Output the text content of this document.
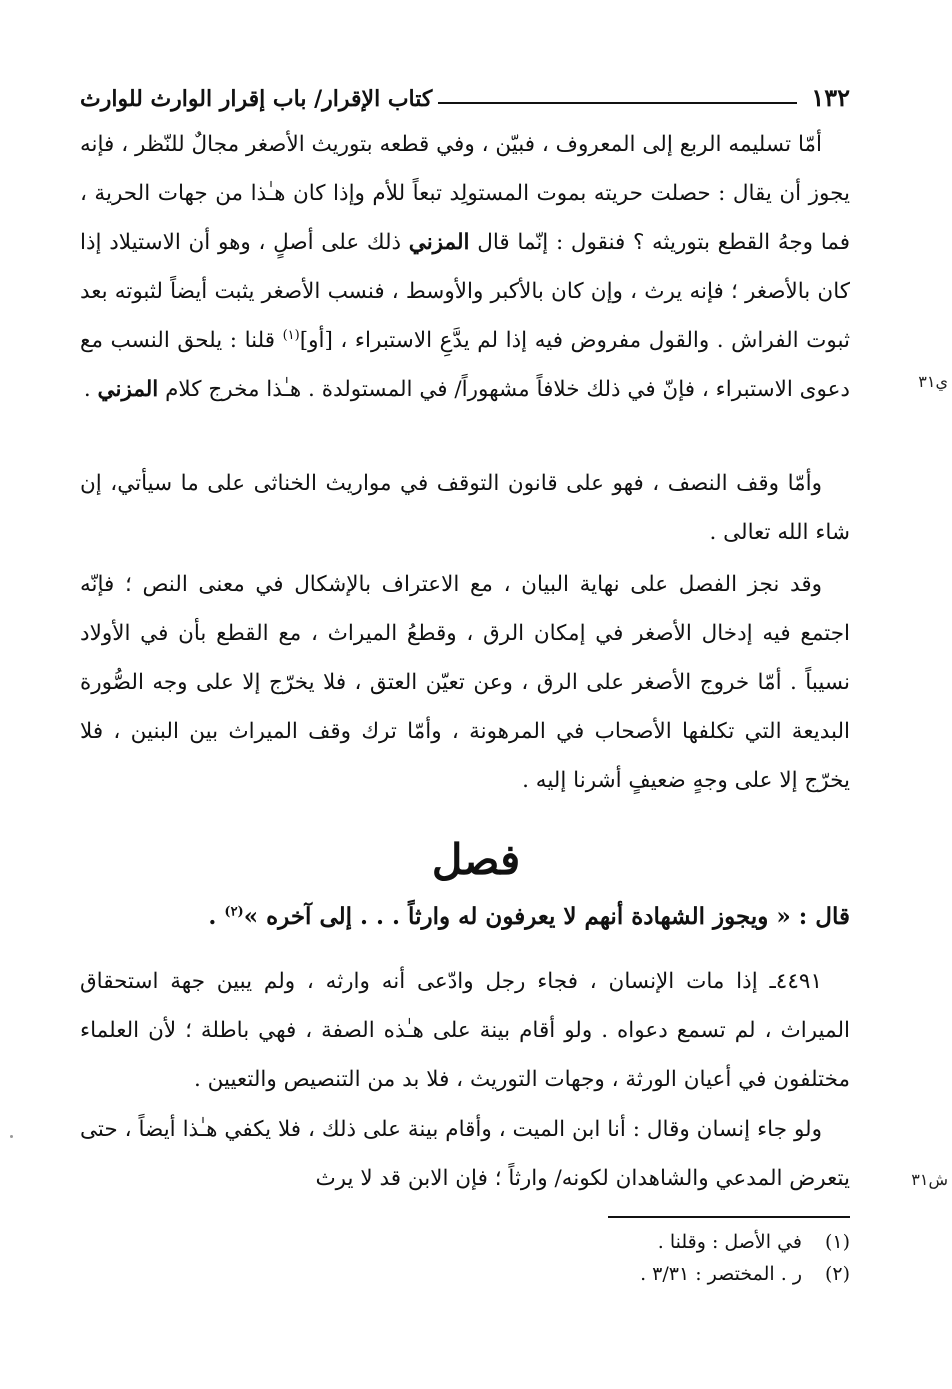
١٣٢
كتاب الإقرار/ باب إقرار الوارث للوارث

أمّا تسليمه الربع إلى المعروف ، فبيّن ، وفي قطعه بتوريث الأصغر مجالٌ للنّظر ، فإنه يجوز أن يقال : حصلت حريته بموت المستولِد تبعاً للأم وإذا كان هـٰذا من جهات الحرية ، فما وجهُ القطع بتوريثه ؟ فنقول : إنّما قال المزني ذلك على أصلٍ ، وهو أن الاستيلاد إذا كان بالأصغر ؛ فإنه يرث ، وإن كان بالأكبر والأوسط ، فنسب الأصغر يثبت أيضاً لثبوته بعد ثبوت الفراش . والقول مفروض فيه إذا لم يدَّعِ الاستبراء ، [أو]$^{(١)}$ قلنا : يلحق النسب مع دعوى الاستبراء ، فإنّ في ذلك خلافاً مشهوراً/ في المستولدة . هـٰذا مخرج كلام المزني .	ي٣١

وأمّا وقف النصف ، فهو على قانون التوقف في مواريث الخناثى على ما سيأتي، إن شاء الله تعالى .

وقد نجز الفصل على نهاية البيان ، مع الاعتراف بالإشكال في معنى النص ؛ فإنّه اجتمع فيه إدخال الأصغر في إمكان الرق ، وقطعُ الميراث ، مع القطع بأن في الأولاد نسيباً . أمّا خروج الأصغر على الرق ، وعن تعيّن العتق ، فلا يخرّج إلا على وجه الصُّورة البديعة التي تكلفها الأصحاب في المرهونة ، وأمّا ترك وقف الميراث بين البنين ، فلا يخرّج إلا على وجهٍ ضعيفٍ أشرنا إليه .

فصل
قال : « ويجوز الشهادة أنهم لا يعرفون له وارثاً . . . إلى آخره »$^{(٢)}$ .

٤٤٩١ـ إذا مات الإنسان ، فجاء رجل وادّعى أنه وارثه ، ولم يبين جهة استحقاق الميراث ، لم تسمع دعواه . ولو أقام بينة على هـٰذه الصفة ، فهي باطلة ؛ لأن العلماء مختلفون في أعيان الورثة ، وجهات التوريث ، فلا بد من التنصيص والتعيين .

ولو جاء إنسان وقال : أنا ابن الميت ، وأقام بينة على ذلك ، فلا يكفي هـٰذا أيضاً ، حتى يتعرض المدعي والشاهدان لكونه/ وارثاً ؛ فإن الابن قد لا يرث	ش٣١
(١)
في الأصل : وقلنا .
(٢)
ر . المختصر : ٣/٣١ .
